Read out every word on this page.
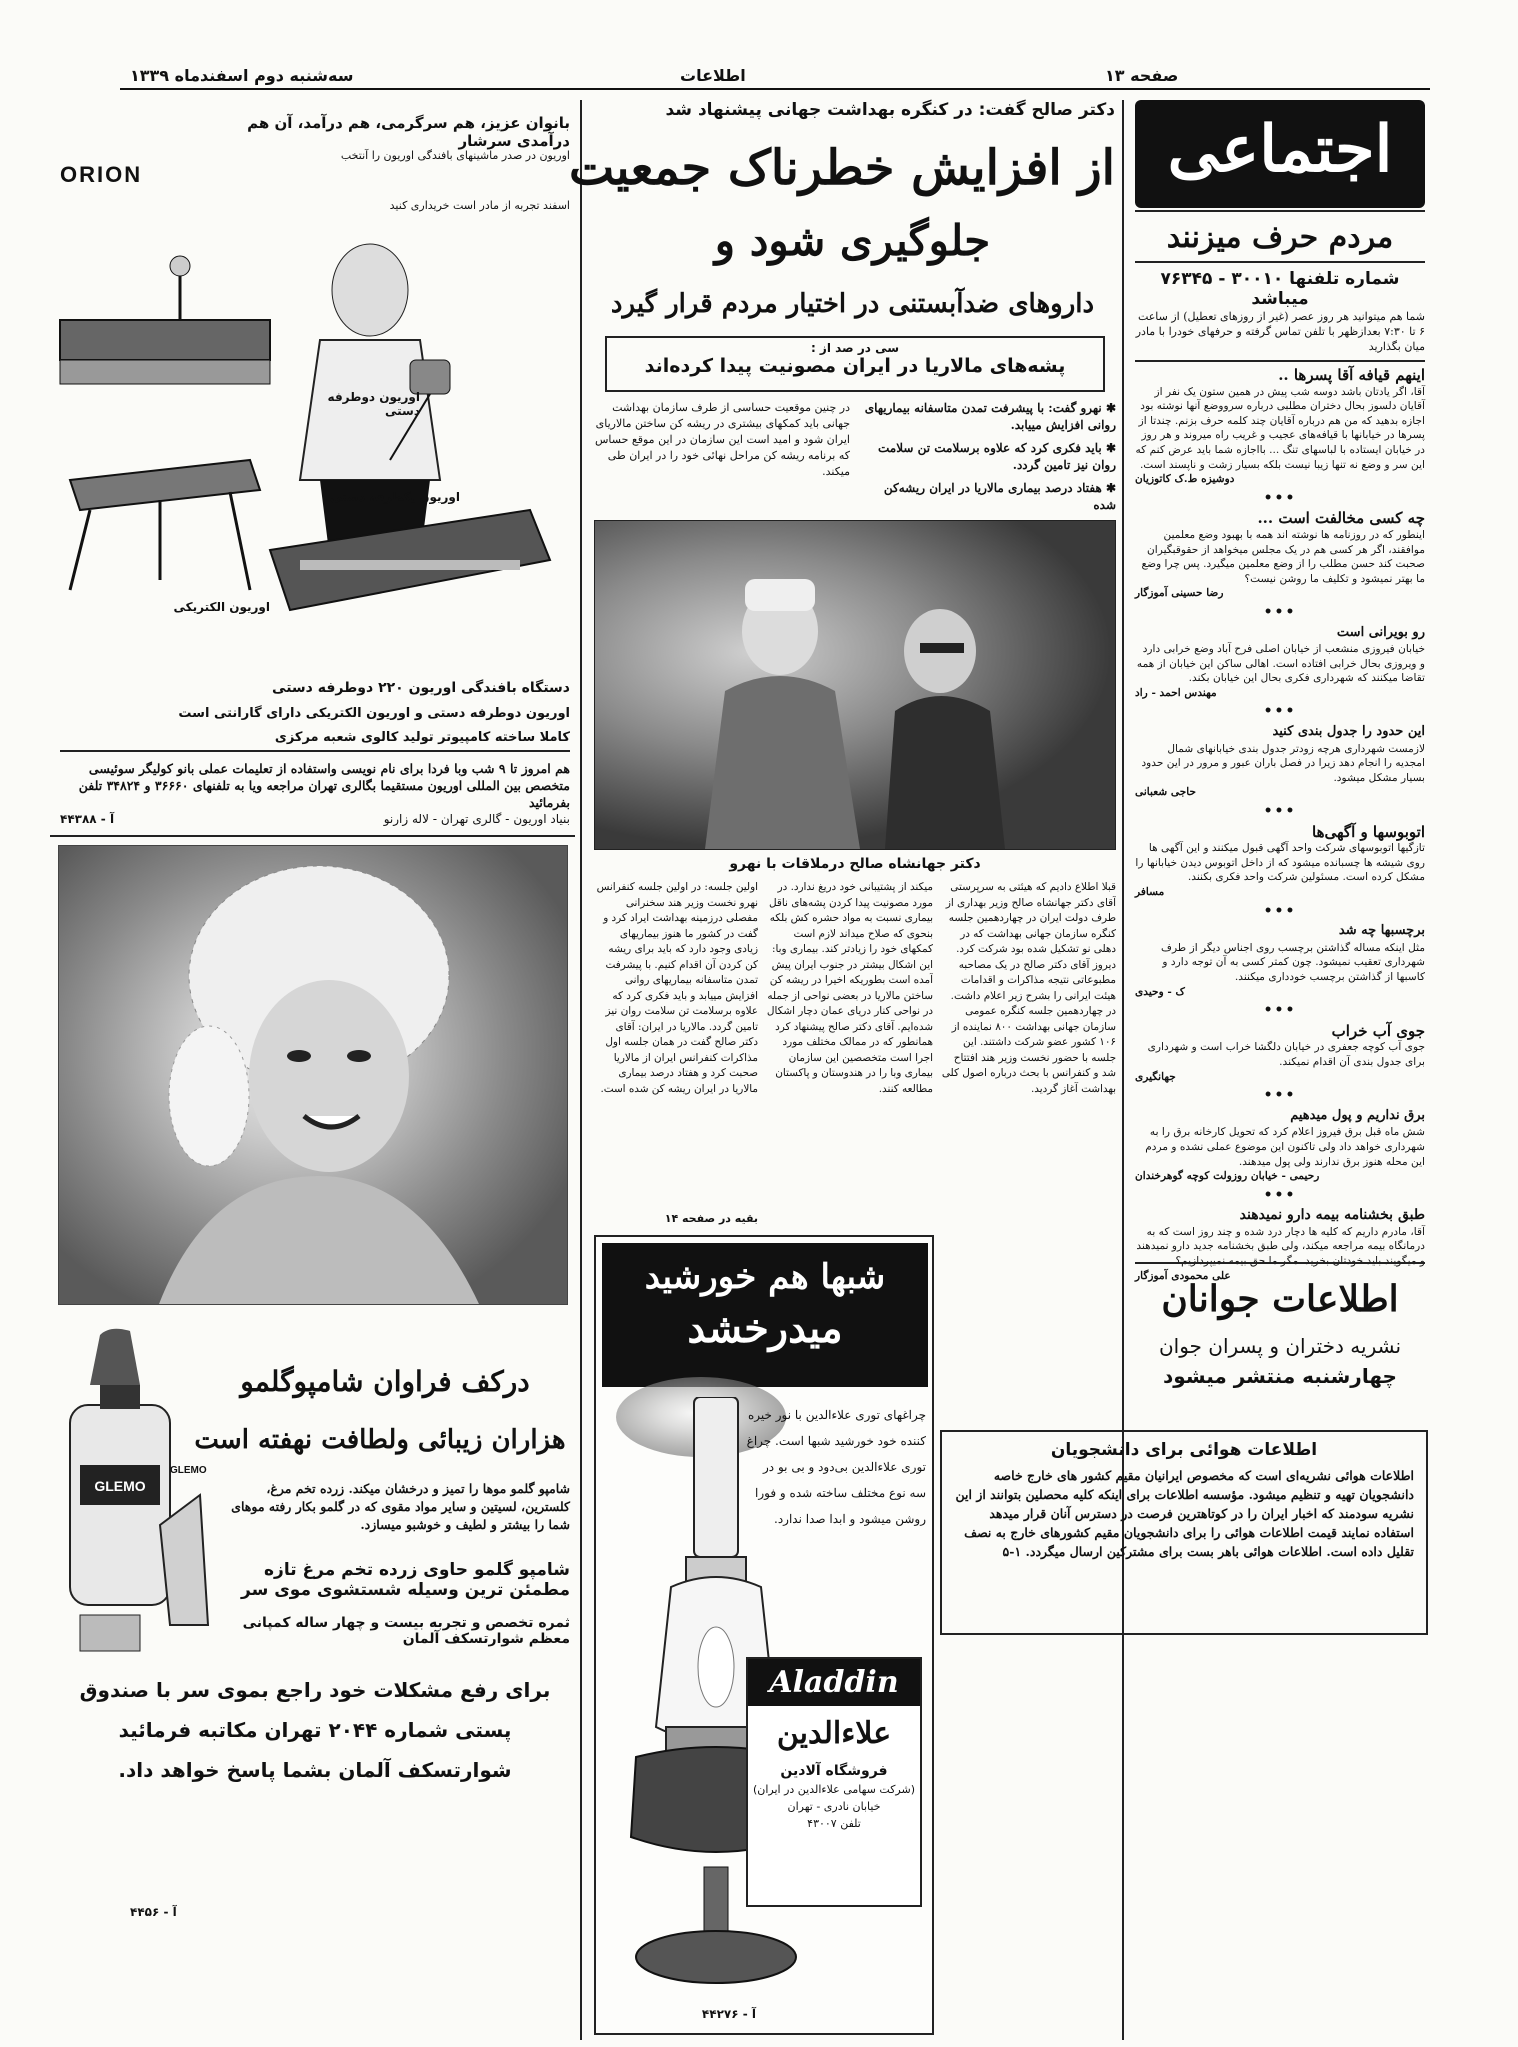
سه‌شنبه دوم اسفندماه ۱۳۳۹	اطلاعات	صفحه ۱۳
اجتماعی
مردم حرف میزنند
شماره تلفنها ۳۰۰۱۰ - ۷۶۳۴۵ میباشد
شما هم میتوانید هر روز عصر (غیر از روزهای تعطیل) از ساعت ۶ تا ۷:۳۰ بعدازظهر با تلفن تماس گرفته و حرفهای خودرا با مادر میان بگذارید
اینهم قیافه آقا پسرها ..
آقا، اگر یادتان باشد دوسه شب پیش در همین ستون یک نفر از آقایان دلسوز بحال دختران مطلبی درباره سرووضع آنها نوشته بود اجازه بدهید که من هم درباره آقایان چند کلمه حرف بزنم. چندتا از پسرها در خیابانها با قیافه‌های عجیب و غریب راه میروند و هر روز در خیابان ایستاده با لباسهای تنگ ... بااجازه شما باید عرض کنم که این سر و وضع نه تنها زیبا نیست بلکه بسیار زشت و ناپسند است.
دوشیزه ط.ک کاتوزیان
•••
چه کسی مخالفت است ...
اینطور که در روزنامه ها نوشته اند همه با بهبود وضع معلمین موافقند، اگر هر کسی هم در یک مجلس میخواهد از حقوقبگیران صحبت کند حسن مطلب را از وضع معلمین میگیرد. پس چرا وضع ما بهتر نمیشود و تکلیف ما روشن نیست؟
رضا حسینی آموزگار
•••
رو بویرانی است
خیابان فیروزی منشعب از خیابان اصلی فرح آباد وضع خرابی دارد و ویروزی بحال خرابی افتاده است. اهالی ساکن این خیابان از همه تقاضا میکنند که شهرداری فکری بحال این خیابان بکند.
مهندس احمد - راد
•••
این حدود را جدول بندی کنید
لازمست شهرداری هرچه زودتر جدول بندی خیابانهای شمال امجدیه را انجام دهد زیرا در فصل باران عبور و مرور در این حدود بسیار مشکل میشود.
حاجی شعبانی
•••
اتوبوسها و آگهی‌ها
تازگیها اتوبوسهای شرکت واحد آگهی قبول میکنند و این آگهی ها روی شیشه ها چسبانده میشود که از داخل اتوبوس دیدن خیابانها را مشکل کرده است. مسئولین شرکت واحد فکری بکنند.
مسافر
•••
برچسبها چه شد
مثل اینکه مساله گذاشتن برچسب روی اجناس دیگر از طرف شهرداری تعقیب نمیشود. چون کمتر کسی به آن توجه دارد و کاسبها از گذاشتن برچسب خودداری میکنند.
ک - وحیدی
•••
جوی آب خراب
جوی آب کوچه جعفری در خیابان دلگشا خراب است و شهرداری برای جدول بندی آن اقدام نمیکند.
جهانگیری
•••
برق نداریم و پول میدهیم
شش ماه قبل برق فیروز اعلام کرد که تحویل کارخانه برق را به شهرداری خواهد داد ولی تاکنون این موضوع عملی نشده و مردم این محله هنوز برق ندارند ولی پول میدهند.
رحیمی - خیابان روزولت کوچه گوهرخندان
•••
طبق بخشنامه بیمه دارو نمیدهند
آقا، مادرم داریم که کلیه ها دچار درد شده و چند روز است که به درمانگاه بیمه مراجعه میکند، ولی طبق بخشنامه جدید دارو نمیدهند
علی محمودی آموزگار
اطلاعات جوانان
نشریه دختران و پسران جوان
چهارشنبه منتشر میشود
اطلاعات هوائی برای دانشجویان
اطلاعات هوائی نشریه‌ای است که مخصوص ایرانیان مقیم کشور های خارج خاصه دانشجویان تهیه و تنظیم میشود. مؤسسه اطلاعات برای اینکه کلیه محصلین بتوانند از این نشریه سودمند که اخبار ایران را در کوتاهترین فرصت در دسترس آنان قرار میدهد استفاده نمایند قیمت اطلاعات هوائی را برای دانشجویان مقیم کشورهای خارج به نصف تقلیل داده است. اطلاعات هوائی باهر بست برای مشترکین ارسال میگردد. ۱-۵
دکتر صالح گفت: در کنگره بهداشت جهانی پیشنهاد شد
از افزایش خطرناک جمعیت
جلوگیری شود و
داروهای ضدآبستنی در اختیار مردم قرار گیرد
سی در صد از :
پشه‌های مالاریا در ایران مصونیت پیدا کرده‌اند

✱ نهرو گفت: با پیشرفت تمدن متاسفانه بیماریهای روانی افزایش مییابد.

✱ باید فکری کرد که علاوه برسلامت تن سلامت روان نیز تامین گردد.

✱ هفتاد درصد بیماری مالاریا در ایران ریشه‌کن شده

در چنین موقعیت حساسی از طرف سازمان بهداشت جهانی باید کمکهای بیشتری در ریشه کن ساختن مالاریای ایران شود و امید است این سازمان در این موقع حساس که برنامه ریشه کن مراحل نهائی خود را در ایران طی میکند.
دکتر جهانشاه صالح درملاقات با نهرو
قبلا اطلاع دادیم که هیئتی به سرپرستی آقای دکتر جهانشاه صالح وزیر بهداری از طرف دولت ایران در چهاردهمین جلسه کنگره سازمان جهانی بهداشت که در دهلی نو تشکیل شده بود شرکت کرد. دیروز آقای دکتر صالح در یک مصاحبه مطبوعاتی نتیجه مذاکرات و اقدامات هیئت ایرانی را بشرح زیر اعلام داشت. در چهاردهمین جلسه کنگره عمومی سازمان جهانی بهداشت ۸۰۰ نماینده از ۱۰۶ کشور عضو شرکت داشتند. این جلسه با حضور نخست وزیر هند افتتاح شد و کنفرانس با بحث درباره اصول کلی بهداشت آغاز گردید.
میکند از پشتیبانی خود دریغ ندارد. در مورد مصونیت پیدا کردن پشه‌های ناقل بیماری نسبت به مواد حشره کش بلکه بنحوی که صلاح میداند لازم است کمکهای خود را زیادتر کند. بیماری وبا: این اشکال بیشتر در جنوب ایران پیش آمده است بطوریکه اخیرا در ریشه کن ساختن مالاریا در بعضی نواحی از جمله در نواحی کنار دریای عمان دچار اشکال شده‌ایم. آقای دکتر صالح پیشنهاد کرد همانطور که در ممالک مختلف مورد اجرا است متخصصین این سازمان بیماری وبا را در هندوستان و پاکستان مطالعه کنند.
اولین جلسه: در اولین جلسه کنفرانس نهرو نخست وزیر هند سخنرانی مفصلی درزمینه بهداشت ایراد کرد و گفت در کشور ما هنوز بیماریهای زیادی وجود دارد که باید برای ریشه کن کردن آن اقدام کنیم. با پیشرفت تمدن متاسفانه بیماریهای روانی افزایش مییابد و باید فکری کرد که علاوه برسلامت تن سلامت روان نیز تامین گردد. مالاریا در ایران: آقای دکتر صالح گفت در همان جلسه اول مذاکرات کنفرانس ایران از مالاریا صحبت کرد و هفتاد درصد بیماری مالاریا در ایران ریشه کن شده است.
بقیه در صفحه ۱۴
شبها هم خورشید
میدرخشد
چراغهای توری علاءالدین با نور خیره کننده خود خورشید شبها است. چراغ توری علاءالدین بی‌دود و بی بو در سه نوع مختلف ساخته شده و فورا روشن میشود و ابدا صدا ندارد.
Aladdin
علاءالدین
فروشگاه آلادین
(شرکت سهامی علاءالدین در ایران)
خیابان نادری - تهران
تلفن ۴۳۰۰۷
آ - ۴۴۲۷۶
ORION
بانوان عزیز، هم سرگرمی، هم درآمد، آن هم درآمدی سرشار
اوریون در صدر ماشینهای بافندگی اوریون را آنتخب
اسفند تجربه از مادر است خریداری کنید
اوریون دوطرفه دستی
اوریون یکطرفه دستی
اوریون الکتریکی
دستگاه بافندگی اوریون ۲۲۰ دوطرفه دستی
اوریون دوطرفه دستی و اوریون الکتریکی دارای گارانتی است
کاملا ساخته کامپیوتر تولید کالوی شعبه مرکزی
هم امروز تا ۹ شب وبا فردا برای نام نویسی واستفاده از تعلیمات عملی بانو کولیگر سوئیسی متخصص بین المللی اوریون مستقیما بگالری تهران مراجعه ویا به تلفنهای ۳۶۶۶۰ و ۳۴۸۲۴ تلفن بفرمائید
بنیاد اوریون - گالری تهران - لاله زارنو
آ - ۴۴۳۸۸
درکف فراوان شامپوگلمو
هزاران زیبائی ولطافت نهفته است
GLEMO
GLEMO
شامپو گلمو موها را تمیز و درخشان میکند. زرده تخم مرغ، کلسترین، لسیتین و سایر مواد مقوی که در گلمو بکار رفته موهای شما را بیشتر و لطیف و خوشبو میسازد.
شامپو گلمو حاوی زرده تخم مرغ تازه مطمئن ترین وسیله شستشوی موی سر
ثمره تخصص و تجربه بیست و چهار ساله کمپانی معظم شوارتسکف آلمان
برای رفع مشکلات خود راجع بموی سر با صندوق پستی شماره ۲۰۴۴ تهران مکاتبه فرمائید شوارتسکف آلمان بشما پاسخ خواهد داد.
آ - ۴۴۵۶
